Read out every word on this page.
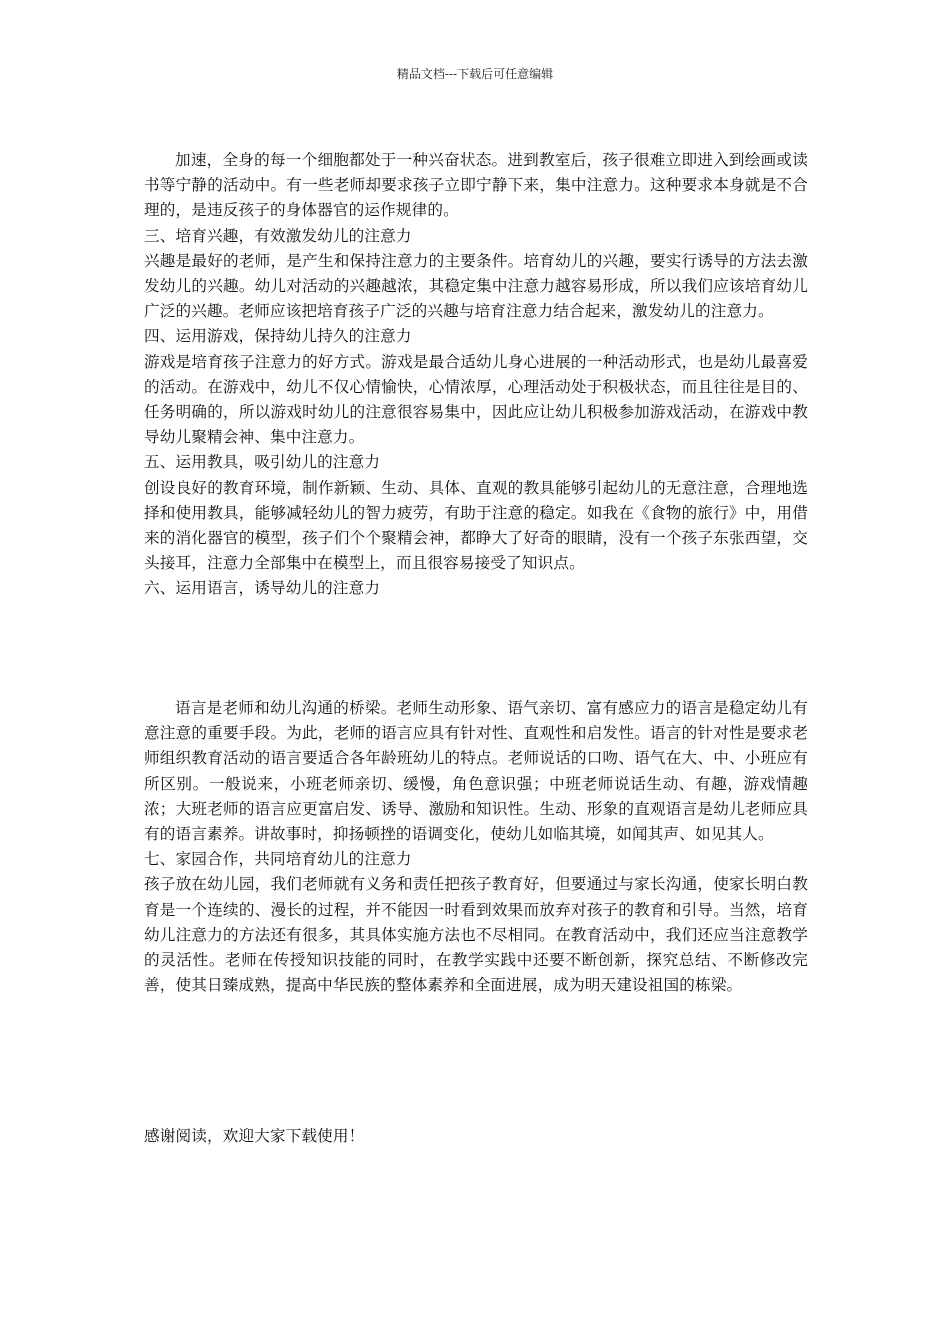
精品文档---下载后可任意编辑

加速，全身的每一个细胞都处于一种兴奋状态。进到教室后，孩子很难立即进入到绘画或读书等宁静的活动中。有一些老师却要求孩子立即宁静下来，集中注意力。这种要求本身就是不合理的，是违反孩子的身体器官的运作规律的。

三、培育兴趣，有效激发幼儿的注意力

兴趣是最好的老师，是产生和保持注意力的主要条件。培育幼儿的兴趣，要实行诱导的方法去激发幼儿的兴趣。幼儿对活动的兴趣越浓，其稳定集中注意力越容易形成，所以我们应该培育幼儿广泛的兴趣。老师应该把培育孩子广泛的兴趣与培育注意力结合起来，激发幼儿的注意力。

四、运用游戏，保持幼儿持久的注意力

游戏是培育孩子注意力的好方式。游戏是最合适幼儿身心进展的一种活动形式，也是幼儿最喜爱的活动。在游戏中，幼儿不仅心情愉快，心情浓厚，心理活动处于积极状态，而且往往是目的、任务明确的，所以游戏时幼儿的注意很容易集中，因此应让幼儿积极参加游戏活动，在游戏中教导幼儿聚精会神、集中注意力。

五、运用教具，吸引幼儿的注意力

创设良好的教育环境，制作新颖、生动、具体、直观的教具能够引起幼儿的无意注意，合理地选择和使用教具，能够减轻幼儿的智力疲劳，有助于注意的稳定。如我在《食物的旅行》中，用借来的消化器官的模型，孩子们个个聚精会神，都睁大了好奇的眼睛，没有一个孩子东张西望，交头接耳，注意力全部集中在模型上，而且很容易接受了知识点。

六、运用语言，诱导幼儿的注意力

语言是老师和幼儿沟通的桥梁。老师生动形象、语气亲切、富有感应力的语言是稳定幼儿有意注意的重要手段。为此，老师的语言应具有针对性、直观性和启发性。语言的针对性是要求老师组织教育活动的语言要适合各年龄班幼儿的特点。老师说话的口吻、语气在大、中、小班应有所区别。一般说来，小班老师亲切、缓慢，角色意识强；中班老师说话生动、有趣，游戏情趣浓；大班老师的语言应更富启发、诱导、激励和知识性。生动、形象的直观语言是幼儿老师应具有的语言素养。讲故事时，抑扬顿挫的语调变化，使幼儿如临其境，如闻其声、如见其人。

七、家园合作，共同培育幼儿的注意力

孩子放在幼儿园，我们老师就有义务和责任把孩子教育好，但要通过与家长沟通，使家长明白教育是一个连续的、漫长的过程，并不能因一时看到效果而放弃对孩子的教育和引导。当然，培育幼儿注意力的方法还有很多，其具体实施方法也不尽相同。在教育活动中，我们还应当注意教学的灵活性。老师在传授知识技能的同时，在教学实践中还要不断创新，探究总结、不断修改完善，使其日臻成熟，提高中华民族的整体素养和全面进展，成为明天建设祖国的栋梁。

感谢阅读，欢迎大家下载使用！
